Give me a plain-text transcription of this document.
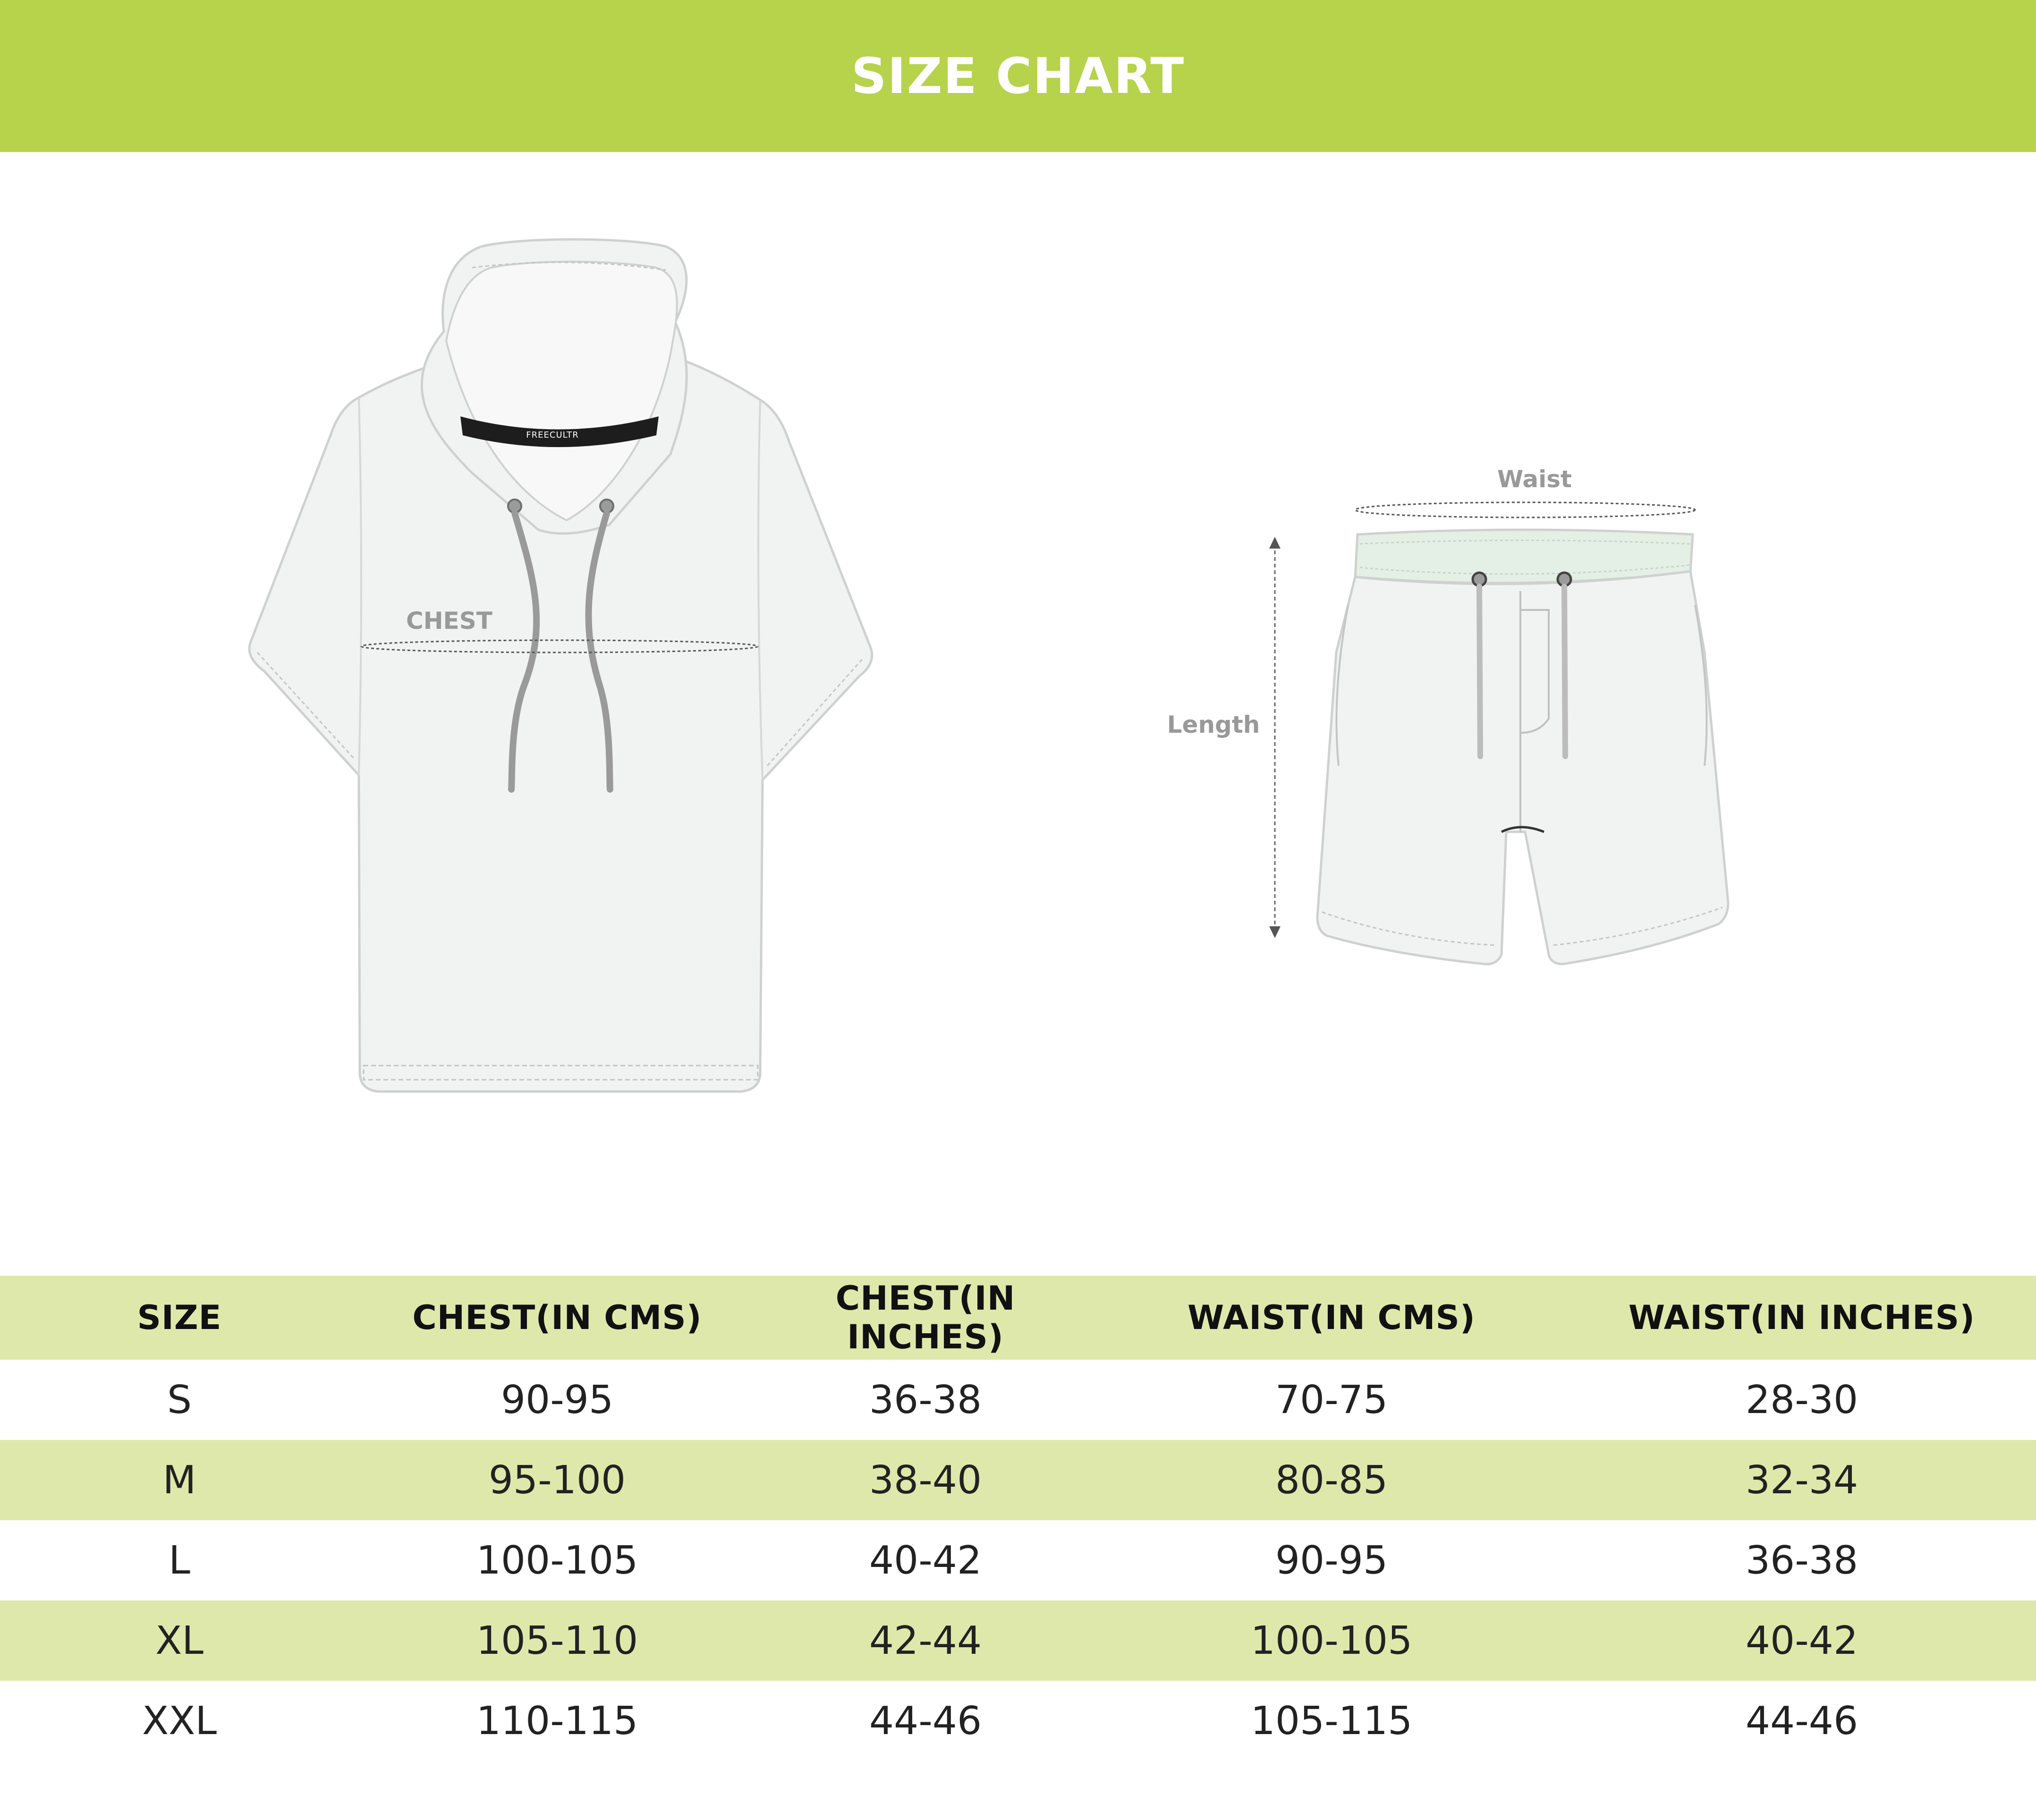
SIZE CHART
FREECULTR
CHEST
Waist
Length
SIZE	CHEST(IN CMS)	CHEST(IN INCHES)	WAIST(IN CMS)	WAIST(IN INCHES)
S	90-95	36-38	70-75	28-30
M	95-100	38-40	80-85	32-34
L	100-105	40-42	90-95	36-38
XL	105-110	42-44	100-105	40-42
XXL	110-115	44-46	105-115	44-46
